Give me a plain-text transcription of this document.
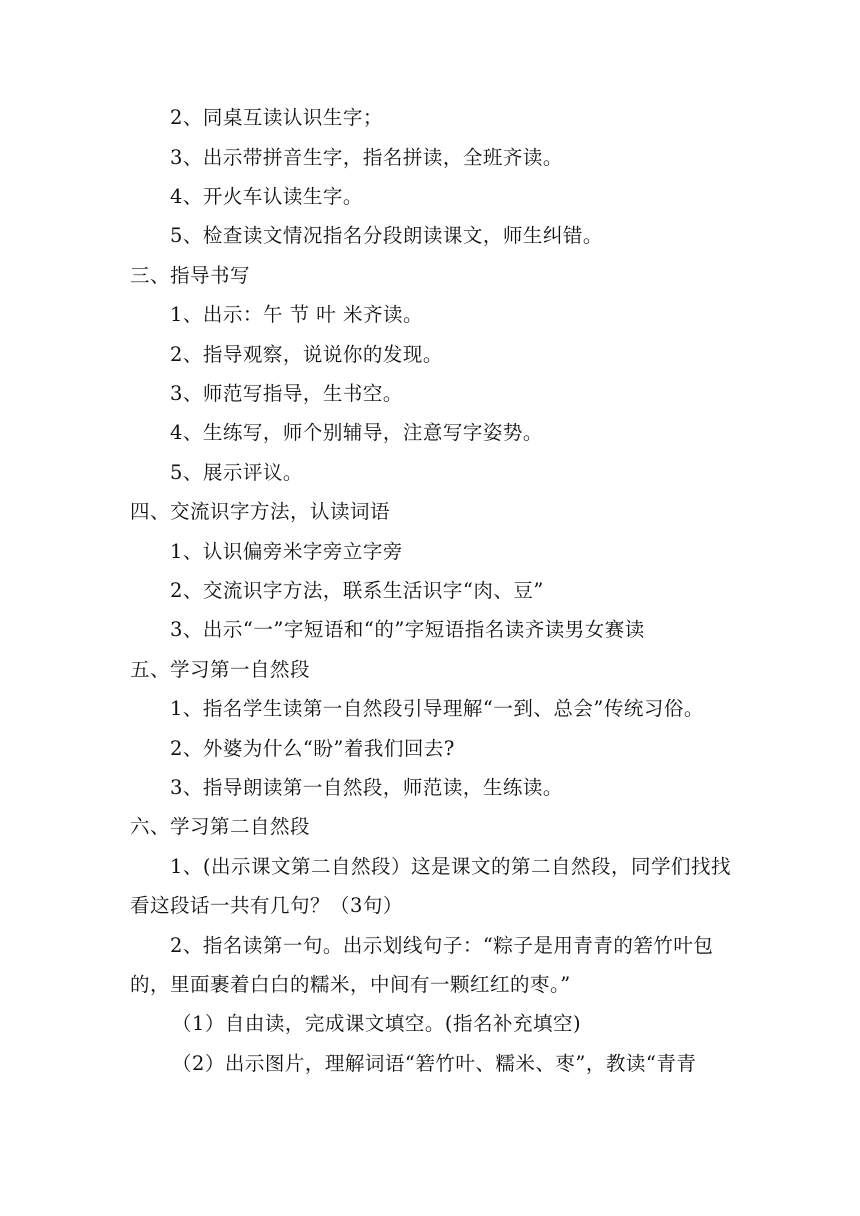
2、同桌互读认识生字；
3、出示带拼音生字，指名拼读，全班齐读。
4、开火车认读生字。
5、检查读文情况指名分段朗读课文，师生纠错。
三、指导书写
1、出示：午 节 叶 米齐读。
2、指导观察，说说你的发现。
3、师范写指导，生书空。
4、生练写，师个别辅导，注意写字姿势。
5、展示评议。
四、交流识字方法，认读词语
1、认识偏旁米字旁立字旁
2、交流识字方法，联系生活识字“肉、豆”
3、出示“一”字短语和“的”字短语指名读齐读男女赛读
五、学习第一自然段
1、指名学生读第一自然段引导理解“一到、总会”传统习俗。
2、外婆为什么“盼”着我们回去?
3、指导朗读第一自然段，师范读，生练读。
六、学习第二自然段
1、(出示课文第二自然段）这是课文的第二自然段，同学们找找
看这段话一共有几句？（3句）
2、指名读第一句。出示划线句子：“粽子是用青青的箬竹叶包
的，里面裹着白白的糯米，中间有一颗红红的枣。”
（1）自由读，完成课文填空。(指名补充填空)
（2）出示图片，理解词语“箬竹叶、糯米、枣”，教读“青青
